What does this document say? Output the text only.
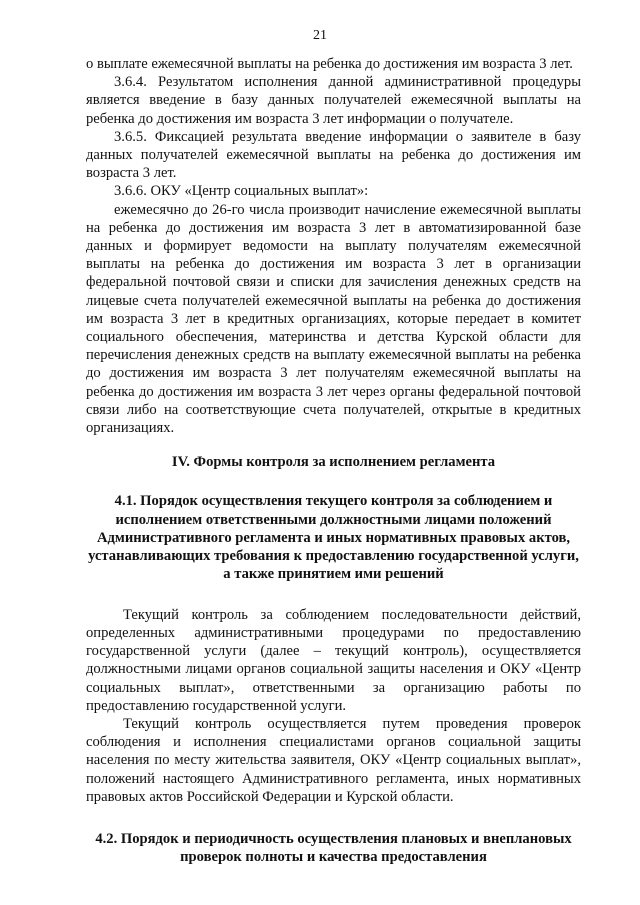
21

о выплате ежемесячной выплаты на ребенка до достижения им возраста 3 лет.

3.6.4. Результатом исполнения данной административной процедуры является введение в базу данных получателей ежемесячной выплаты на ребенка до достижения им возраста 3 лет информации о получателе.

3.6.5. Фиксацией результата введение информации о заявителе в базу данных получателей ежемесячной выплаты на ребенка до достижения им возраста 3 лет.

3.6.6. ОКУ «Центр социальных выплат»:

ежемесячно до 26-го числа производит начисление ежемесячной выплаты на ребенка до достижения им возраста 3 лет в автоматизированной базе данных и формирует ведомости на выплату получателям ежемесячной выплаты на ребенка до достижения им возраста 3 лет в организации федеральной почтовой связи и списки для зачисления денежных средств на лицевые счета получателей ежемесячной выплаты на ребенка до достижения им возраста 3 лет в кредитных организациях, которые передает в комитет социального обеспечения, материнства и детства Курской области для перечисления денежных средств на выплату ежемесячной выплаты на ребенка до достижения им возраста 3 лет получателям ежемесячной выплаты на ребенка до достижения им возраста 3 лет через органы федеральной почтовой связи либо на соответствующие счета получателей, открытые в кредитных организациях.

IV. Формы контроля за исполнением регламента

4.1. Порядок осуществления текущего контроля за соблюдением и исполнением ответственными должностными лицами положений Административного регламента и иных нормативных правовых актов, устанавливающих требования к предоставлению государственной услуги, а также принятием ими решений

Текущий контроль за соблюдением последовательности действий, определенных административными процедурами по предоставлению государственной услуги (далее – текущий контроль), осуществляется должностными лицами органов социальной защиты населения и ОКУ «Центр социальных выплат», ответственными за организацию работы по предоставлению государственной услуги.

Текущий контроль осуществляется путем проведения проверок соблюдения и исполнения специалистами органов социальной защиты населения по месту жительства заявителя, ОКУ «Центр социальных выплат», положений настоящего Административного регламента, иных нормативных правовых актов Российской Федерации и Курской области.

4.2. Порядок и периодичность осуществления плановых и внеплановых проверок полноты и качества предоставления
